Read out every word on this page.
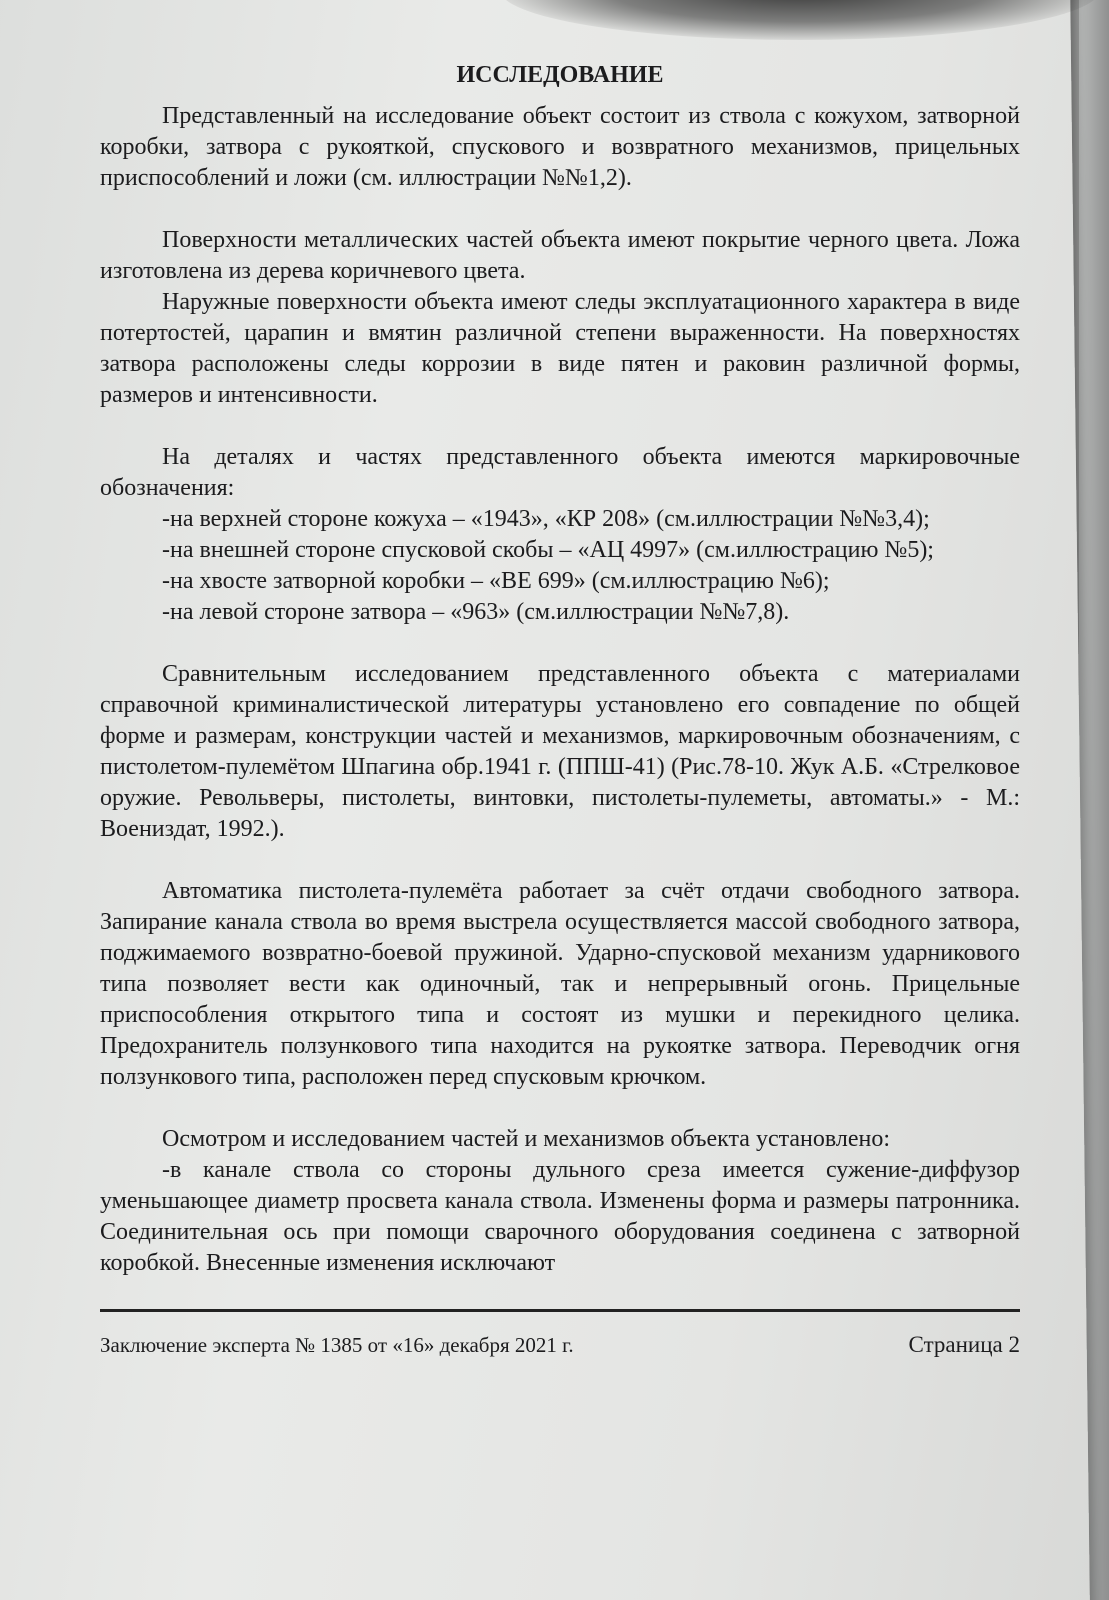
ИССЛЕДОВАНИЕ

Представленный на исследование объект состоит из ствола с кожухом, затворной коробки, затвора с рукояткой, спускового и возвратного механизмов, прицельных приспособлений и ложи (см. иллюстрации №№1,2).

Поверхности металлических частей объекта имеют покрытие черного цвета. Ложа изготовлена из дерева коричневого цвета.

Наружные поверхности объекта имеют следы эксплуатационного характера в виде потертостей, царапин и вмятин различной степени выраженности. На поверхностях затвора расположены следы коррозии в виде пятен и раковин различной формы, размеров и интенсивности.

На деталях и частях представленного объекта имеются маркировочные обозначения:

-на верхней стороне кожуха – «1943», «КР 208» (см.иллюстрации №№3,4);

-на внешней стороне спусковой скобы – «АЦ 4997» (см.иллюстрацию №5);

-на хвосте затворной коробки – «BE 699» (см.иллюстрацию №6);

-на левой стороне затвора – «963» (см.иллюстрации №№7,8).

Сравнительным исследованием представленного объекта с материалами справочной криминалистической литературы установлено его совпадение по общей форме и размерам, конструкции частей и механизмов, маркировочным обозначениям, с пистолетом-пулемётом Шпагина обр.1941 г. (ППШ-41) (Рис.78-10. Жук А.Б. «Стрелковое оружие. Револьверы, пистолеты, винтовки, пистолеты-пулеметы, автоматы.» - М.: Воениздат, 1992.).

Автоматика пистолета-пулемёта работает за счёт отдачи свободного затвора. Запирание канала ствола во время выстрела осуществляется массой свободного затвора, поджимаемого возвратно-боевой пружиной. Ударно-спусковой механизм ударникового типа позволяет вести как одиночный, так и непрерывный огонь. Прицельные приспособления открытого типа и состоят из мушки и перекидного целика. Предохранитель ползункового типа находится на рукоятке затвора. Переводчик огня ползункового типа, расположен перед спусковым крючком.

Осмотром и исследованием частей и механизмов объекта установлено:

-в канале ствола со стороны дульного среза имеется сужение-диффузор уменьшающее диаметр просвета канала ствола. Изменены форма и размеры патронника. Соединительная ось при помощи сварочного оборудования соединена с затворной коробкой. Внесенные изменения исключают

Заключение эксперта № 1385 от «16» декабря 2021 г.	Страница 2
